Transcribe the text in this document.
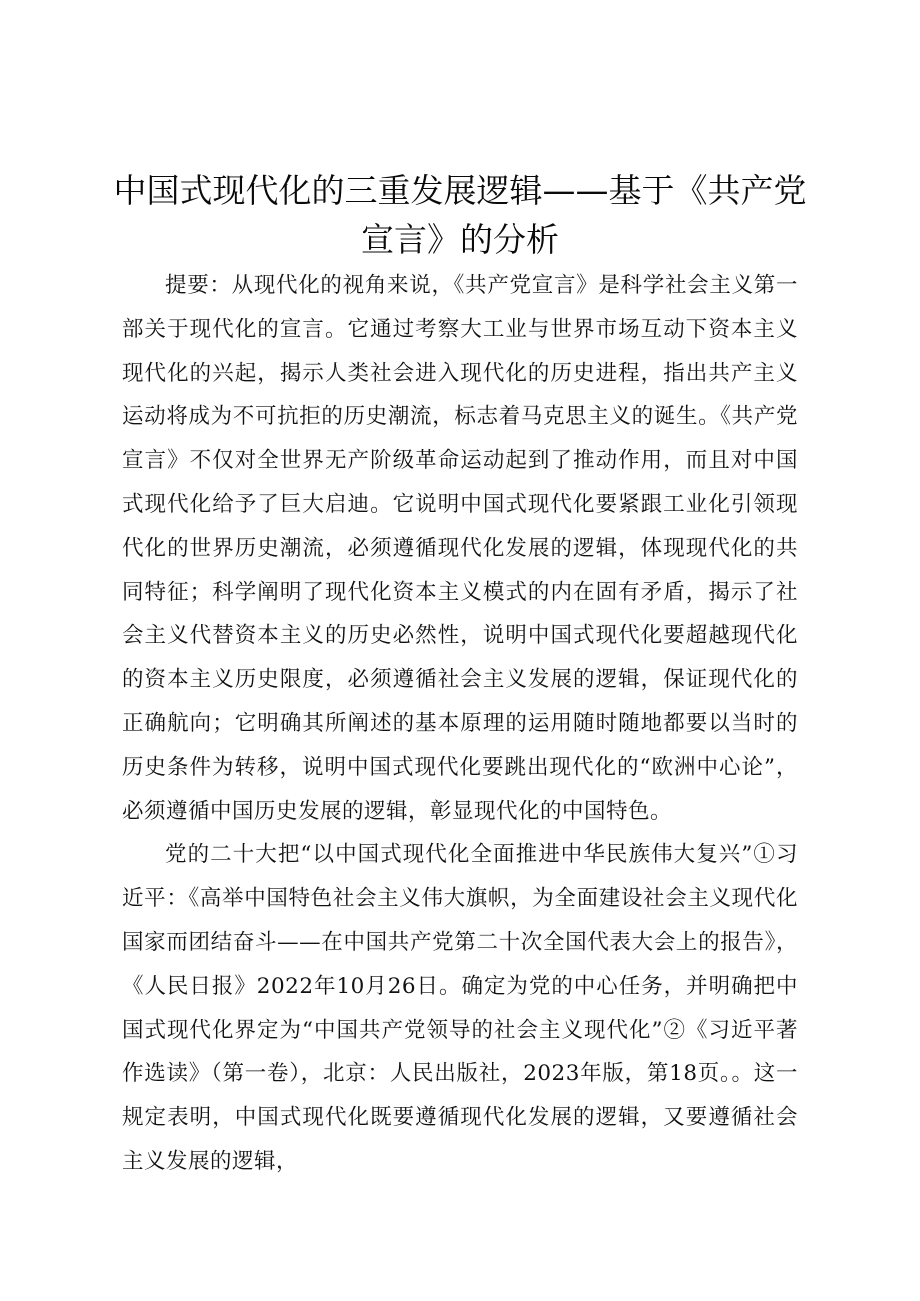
中国式现代化的三重发展逻辑——基于《共产党宣言》的分析

提要：从现代化的视角来说，《共产党宣言》是科学社会主义第一部关于现代化的宣言。它通过考察大工业与世界市场互动下资本主义现代化的兴起，揭示人类社会进入现代化的历史进程，指出共产主义运动将成为不可抗拒的历史潮流，标志着马克思主义的诞生。《共产党宣言》不仅对全世界无产阶级革命运动起到了推动作用，而且对中国式现代化给予了巨大启迪。它说明中国式现代化要紧跟工业化引领现代化的世界历史潮流，必须遵循现代化发展的逻辑，体现现代化的共同特征；科学阐明了现代化资本主义模式的内在固有矛盾，揭示了社会主义代替资本主义的历史必然性，说明中国式现代化要超越现代化的资本主义历史限度，必须遵循社会主义发展的逻辑，保证现代化的正确航向；它明确其所阐述的基本原理的运用随时随地都要以当时的历史条件为转移，说明中国式现代化要跳出现代化的“欧洲中心论”，必须遵循中国历史发展的逻辑，彰显现代化的中国特色。

党的二十大把“以中国式现代化全面推进中华民族伟大复兴”①习近平：《高举中国特色社会主义伟大旗帜，为全面建设社会主义现代化国家而团结奋斗——在中国共产党第二十次全国代表大会上的报告》，《人民日报》2022年10月26日。确定为党的中心任务，并明确把中国式现代化界定为“中国共产党领导的社会主义现代化”②《习近平著作选读》（第一卷），北京：人民出版社，2023年版，第18页。。这一规定表明，中国式现代化既要遵循现代化发展的逻辑，又要遵循社会主义发展的逻辑，
